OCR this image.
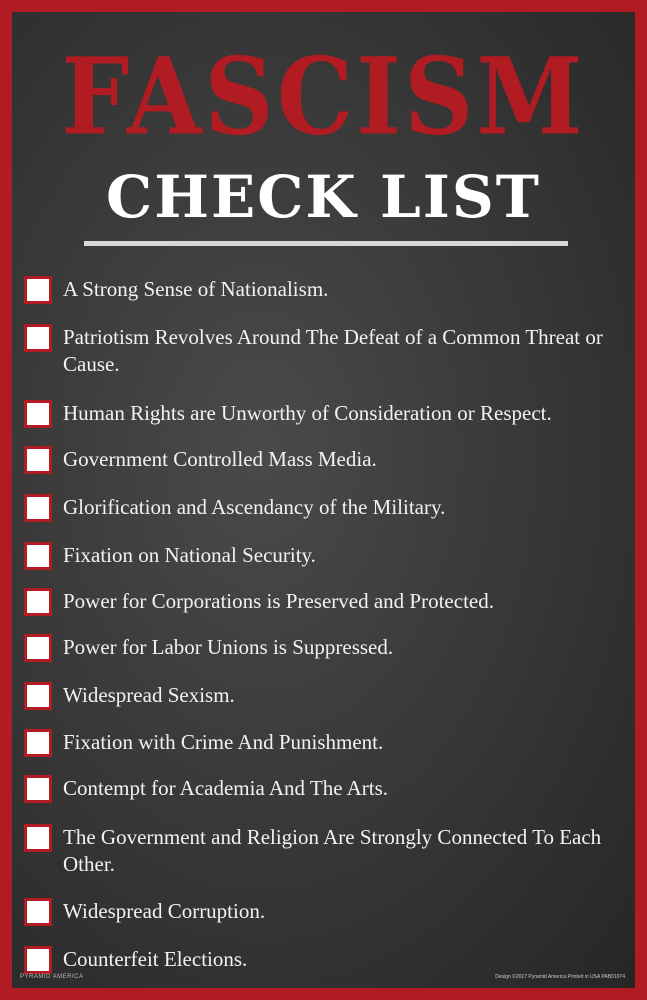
FASCISM
CHECK LIST
A Strong Sense of Nationalism.
Patriotism Revolves Around The Defeat of a Common Threat or Cause.
Human Rights are Unworthy of Consideration or Respect.
Government Controlled Mass Media.
Glorification and Ascendancy of the Military.
Fixation on National Security.
Power for Corporations is Preserved and Protected.
Power for Labor Unions is Suppressed.
Widespread Sexism.
Fixation with Crime And Punishment.
Contempt for Academia And The Arts.
The Government and Religion Are Strongly Connected To Each Other.
Widespread Corruption.
Counterfeit Elections.
PYRAMID AMERICA	Design ©2017 Pyramid America Printed in USA PAB01074
